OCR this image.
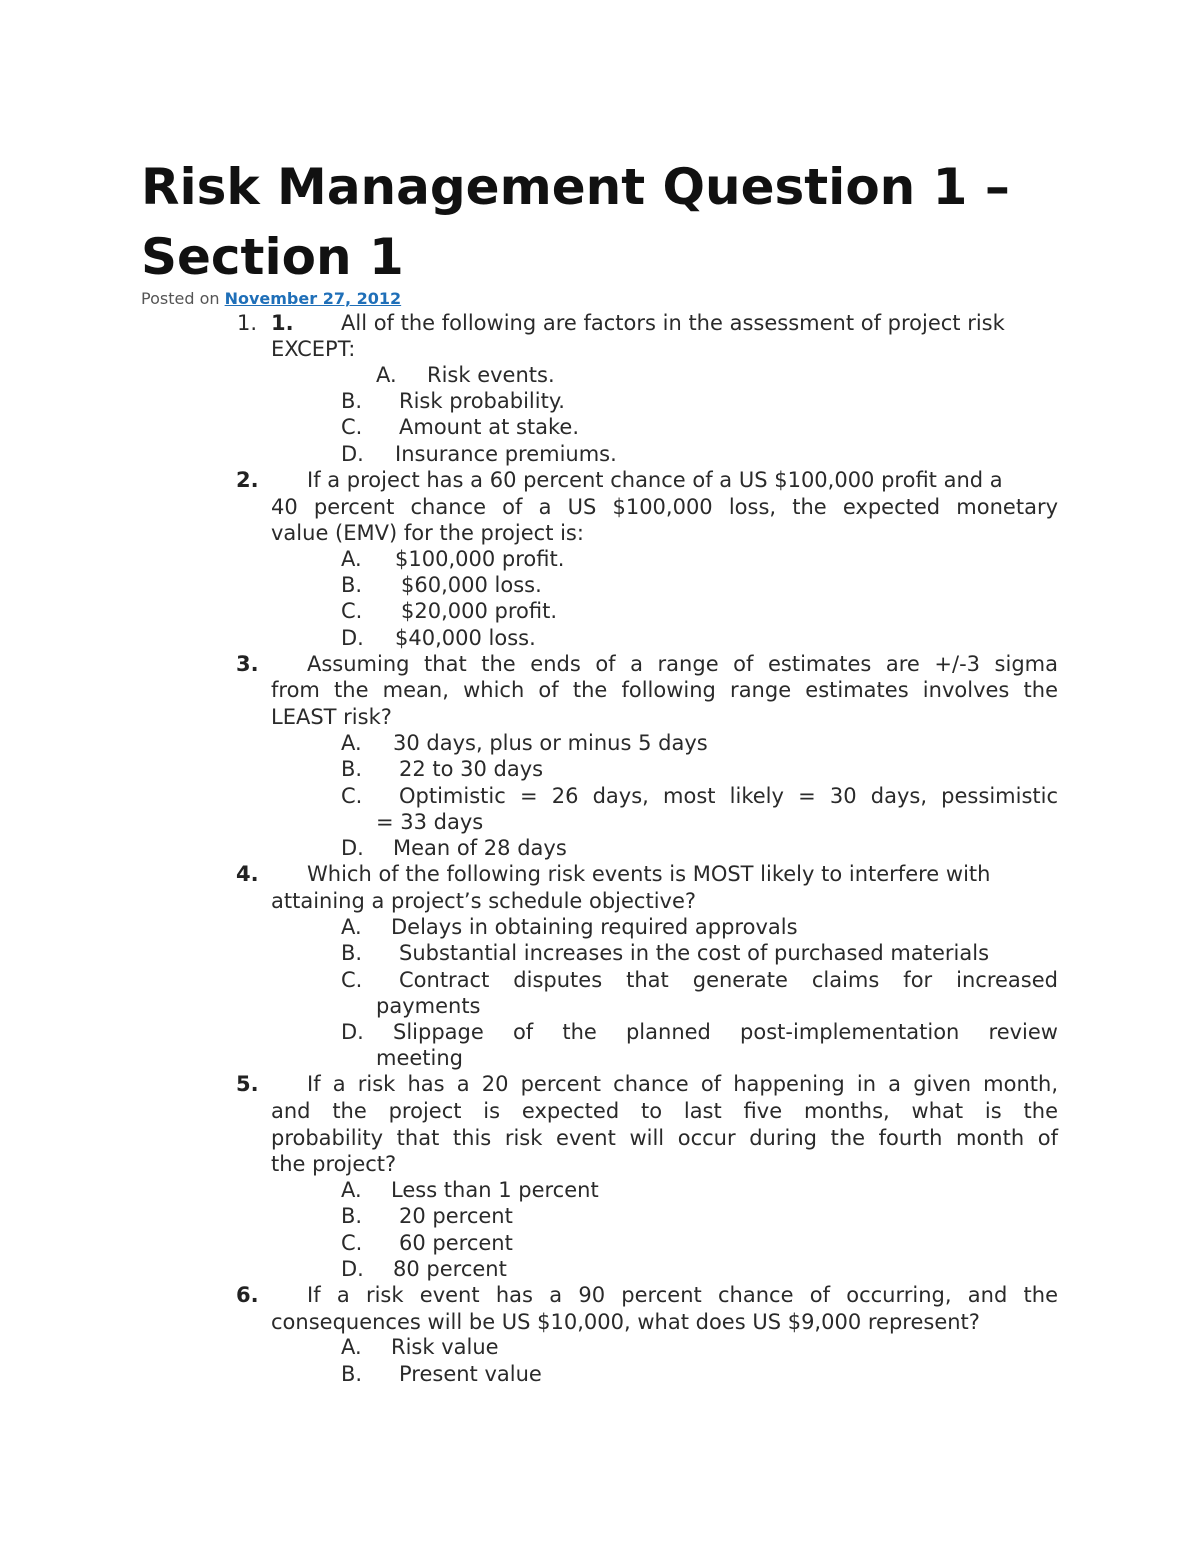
Risk Management Question 1 – Section 1
Posted on November 27, 2012
1. 1. All of the following are factors in the assessment of project risk
EXCEPT:
A. Risk events.
B. Risk probability.
C. Amount at stake.
D. Insurance premiums.
2. If a project has a 60 percent chance of a US $100,000 profit and a
40 percent chance of a US $100,000 loss, the expected monetary
value (EMV) for the project is:
A. $100,000 profit.
B. $60,000 loss.
C. $20,000 profit.
D. $40,000 loss.
3. Assuming that the ends of a range of estimates are +/-3 sigma
from the mean, which of the following range estimates involves the
LEAST risk?
A. 30 days, plus or minus 5 days
B. 22 to 30 days
C. Optimistic = 26 days, most likely = 30 days, pessimistic
= 33 days
D. Mean of 28 days
4. Which of the following risk events is MOST likely to interfere with
attaining a project’s schedule objective?
A. Delays in obtaining required approvals
B. Substantial increases in the cost of purchased materials
C. Contract disputes that generate claims for increased
payments
D. Slippage of the planned post-implementation review
meeting
5. If a risk has a 20 percent chance of happening in a given month,
and the project is expected to last five months, what is the
probability that this risk event will occur during the fourth month of
the project?
A. Less than 1 percent
B. 20 percent
C. 60 percent
D. 80 percent
6. If a risk event has a 90 percent chance of occurring, and the
consequences will be US $10,000, what does US $9,000 represent?
A. Risk value
B. Present value
